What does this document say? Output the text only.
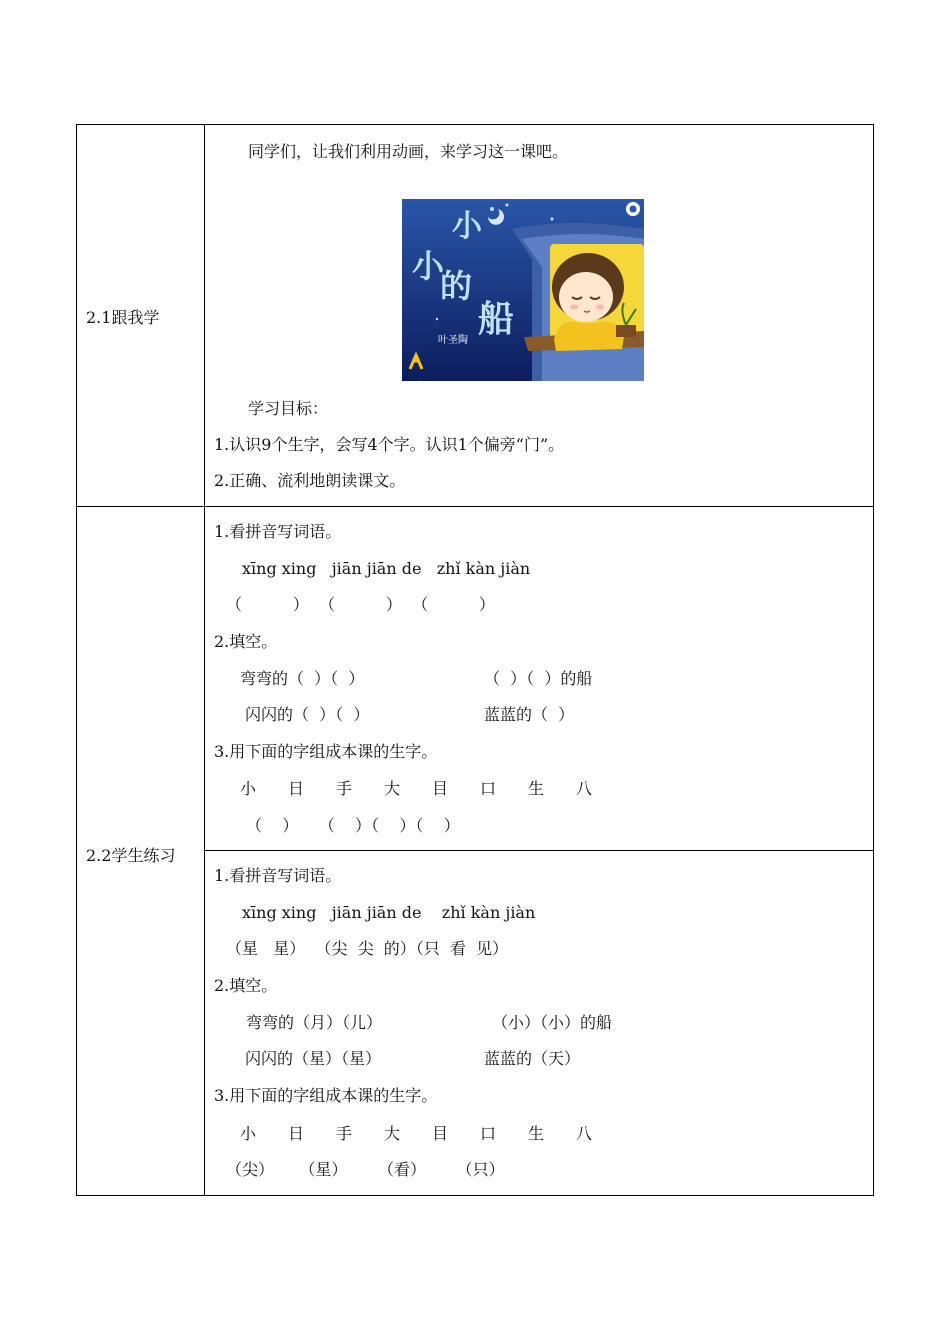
2.1跟我学
同学们，让我们利用动画，来学习这一课吧。
小
小
的
船
叶圣陶
学习目标：
1.认识9个生字，会写4个字。认识1个偏旁“门”。
2.正确、流利地朗读课文。
2.2学生练习
1.看拼音写词语。
xīng xing   jiān jiān de   zhǐ kàn jiàn
（          ）  （          ）  （          ）
2.填空。
弯弯的（  ）（  ）	（  ）（  ）的船
闪闪的（  ）（  ）	蓝蓝的（  ）
3.用下面的字组成本课的生字。
小 日 手 大 目 口 生 八
（    ）    （    ）（    ）（    ）
1.看拼音写词语。
xīng xing   jiān jiān de    zhǐ kàn jiàn
（星   星）  （尖  尖  的）（只  看  见）
2.填空。
弯弯的（月）（儿）	（小）（小）的船
闪闪的（星）（星）	蓝蓝的（天）
3.用下面的字组成本课的生字。
小 日 手 大 目 口 生 八
（尖）     （星）      （看）      （只）
